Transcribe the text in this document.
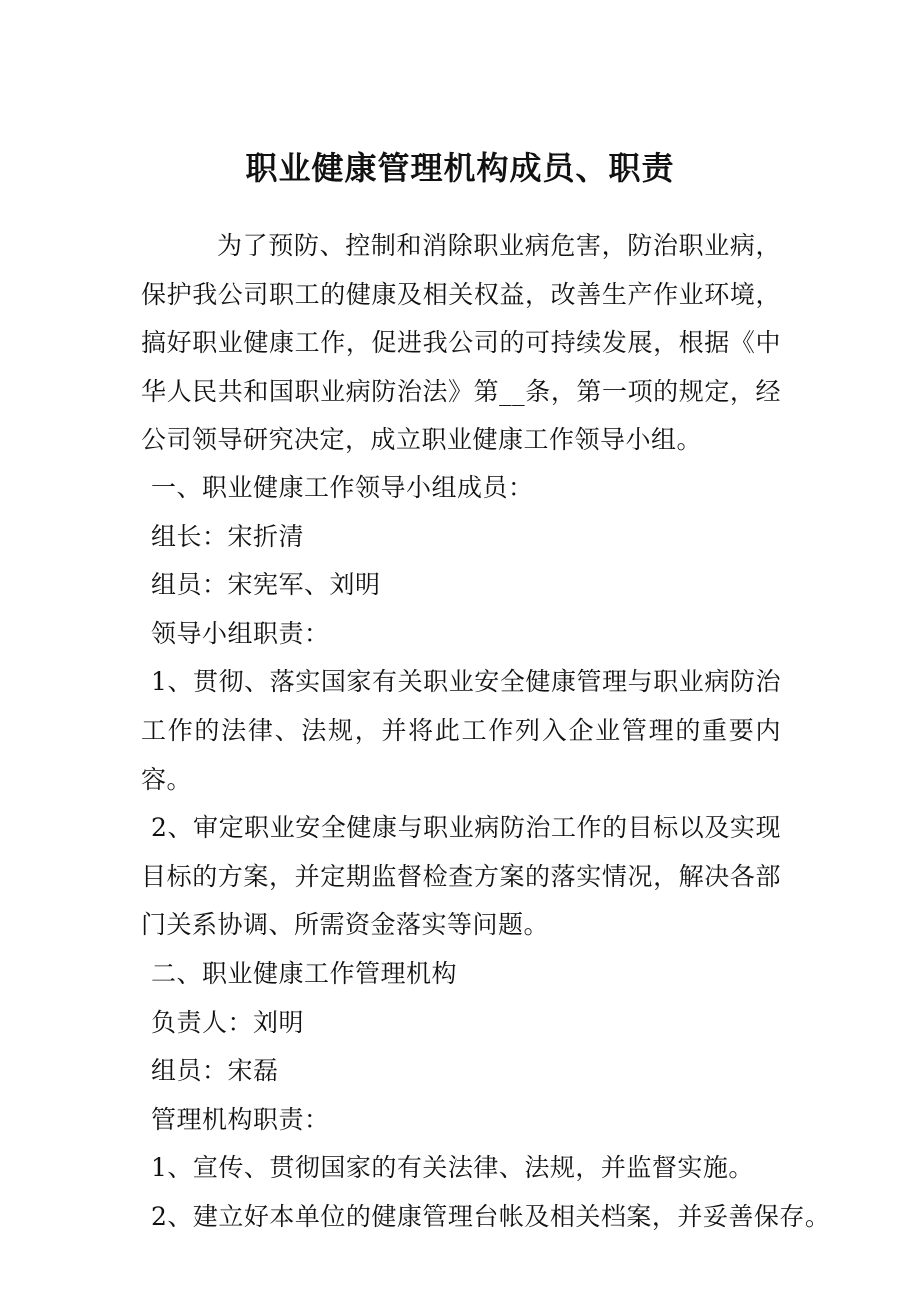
职业健康管理机构成员、职责

为了预防、控制和消除职业病危害，防治职业病，保护我公司职工的健康及相关权益，改善生产作业环境，搞好职业健康工作，促进我公司的可持续发展，根据《中华人民共和国职业病防治法》第__条，第一项的规定，经公司领导研究决定，成立职业健康工作领导小组。

一、职业健康工作领导小组成员：
组长：宋折清
组员：宋宪军、刘明
领导小组职责：

1、贯彻、落实国家有关职业安全健康管理与职业病防治工作的法律、法规，并将此工作列入企业管理的重要内容。

2、审定职业安全健康与职业病防治工作的目标以及实现目标的方案，并定期监督检查方案的落实情况，解决各部门关系协调、所需资金落实等问题。

二、职业健康工作管理机构
负责人：刘明
组员：宋磊
管理机构职责：
1、宣传、贯彻国家的有关法律、法规，并监督实施。
2、建立好本单位的健康管理台帐及相关档案，并妥善保存。
